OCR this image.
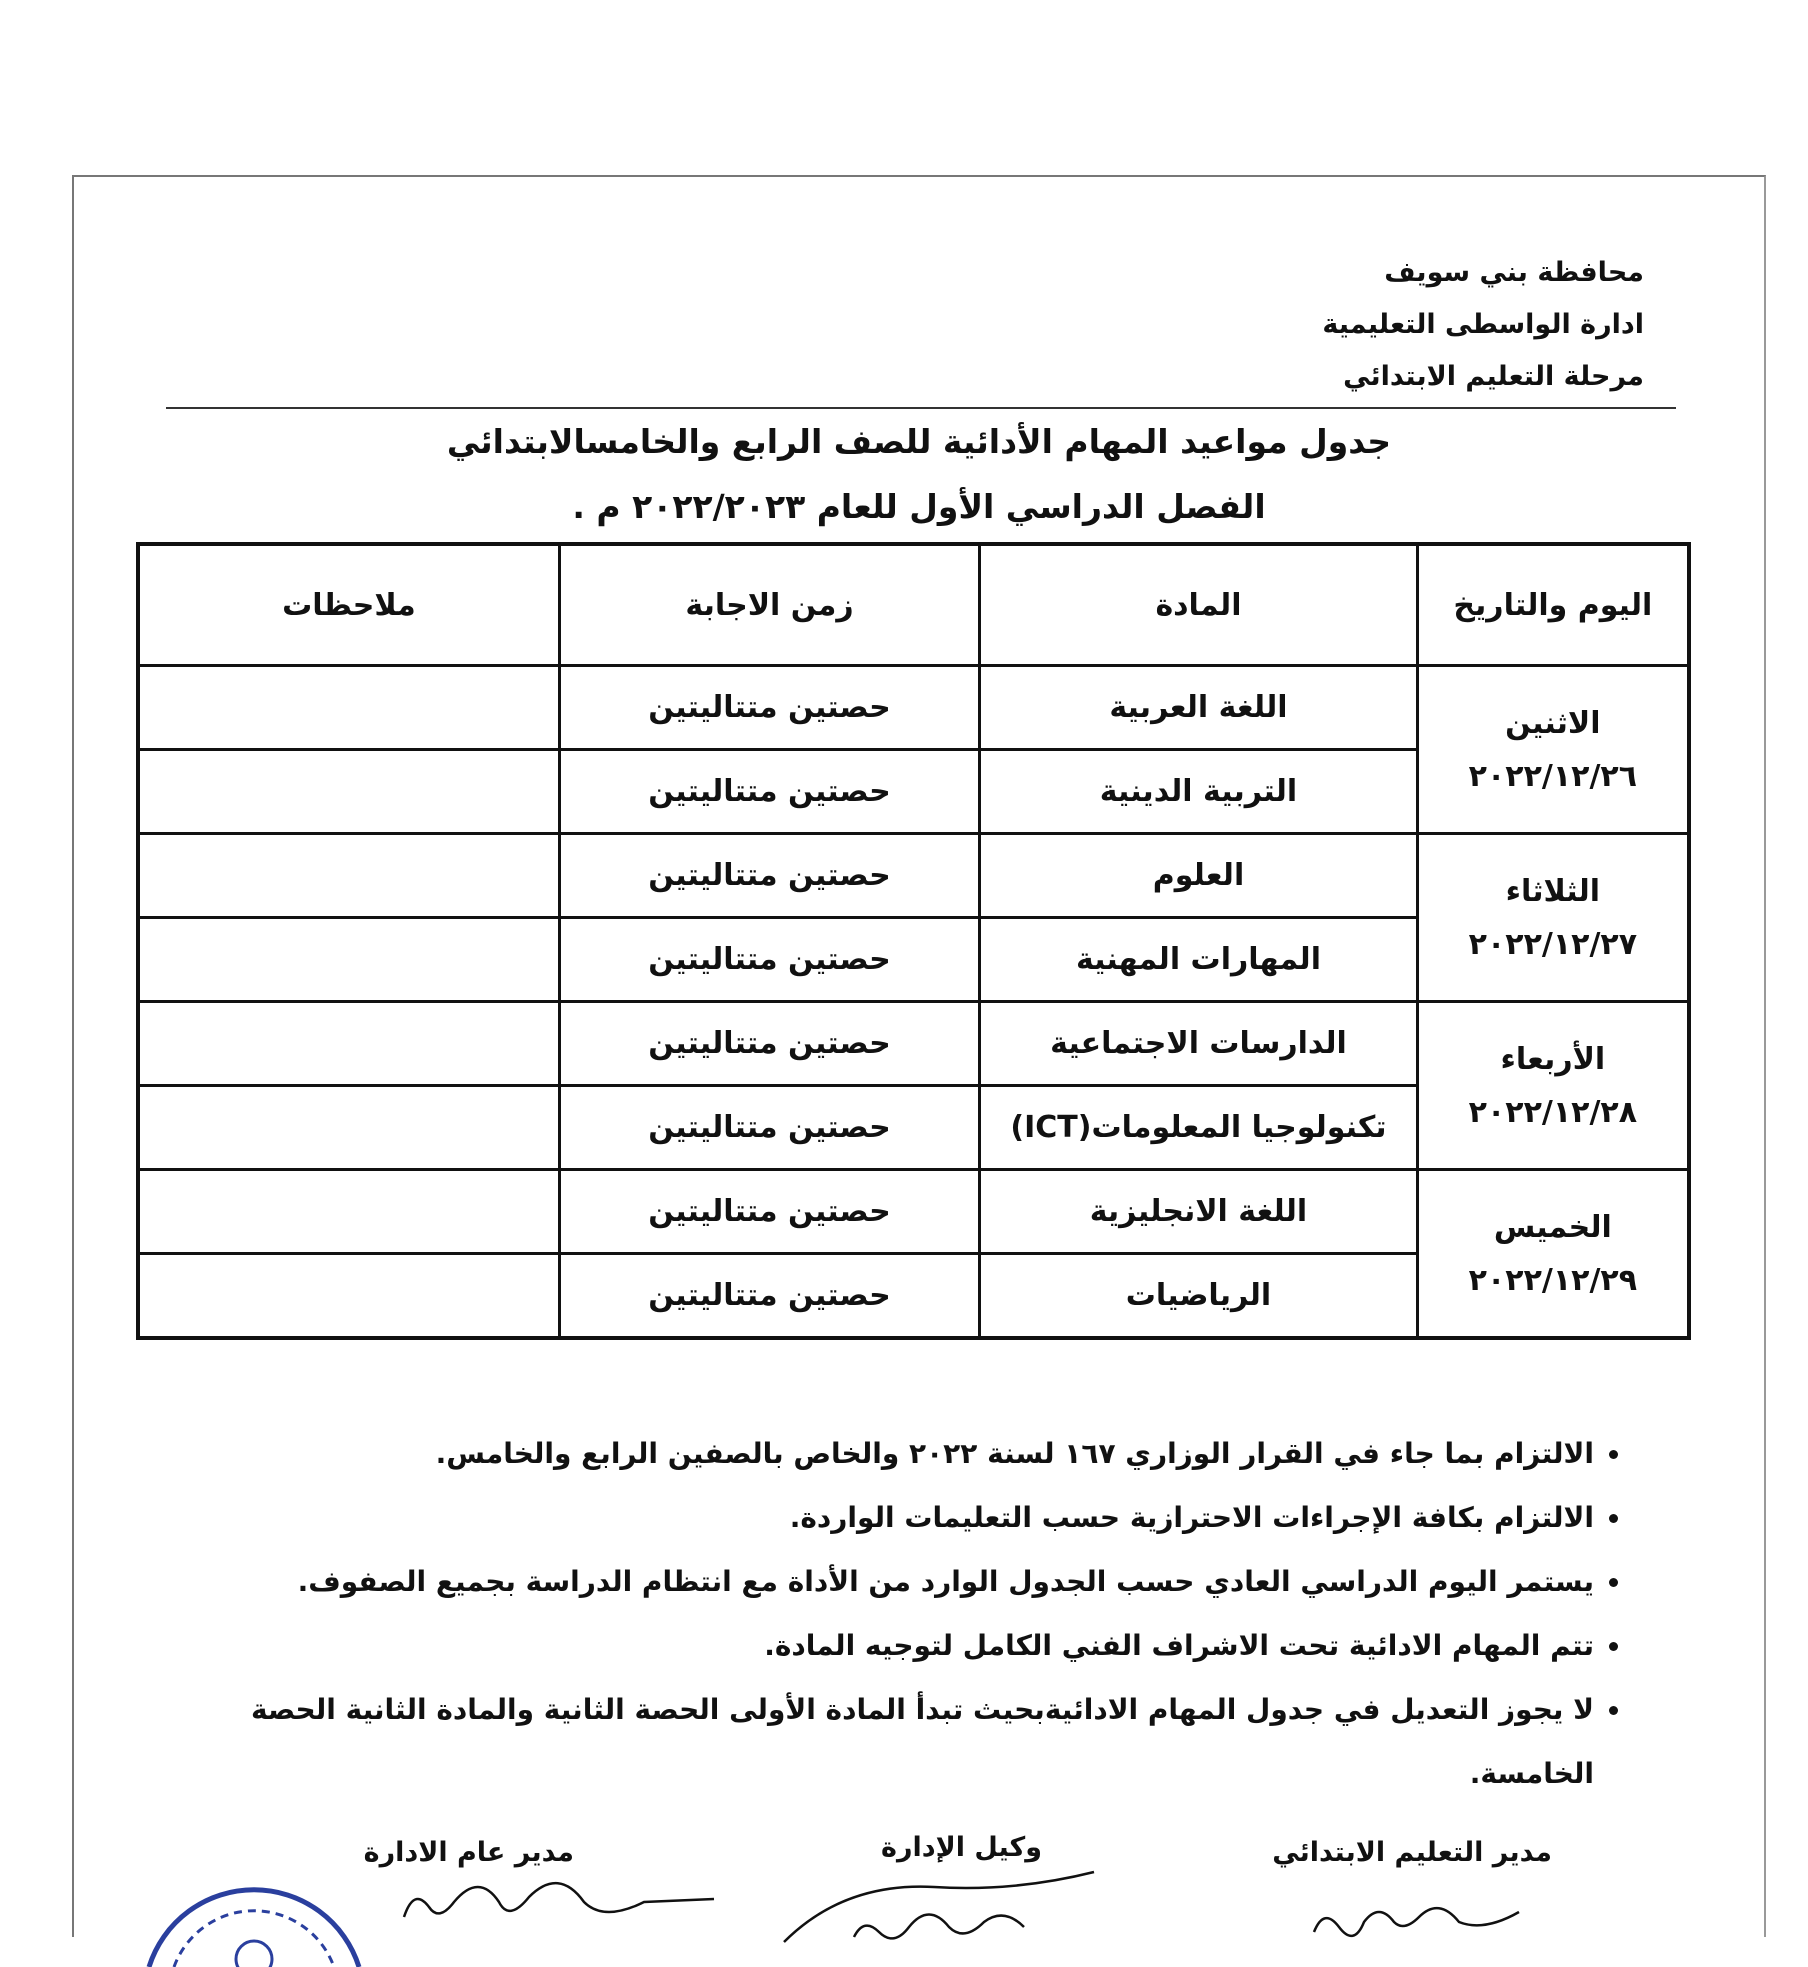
محافظة بني سويف
ادارة الواسطى التعليمية
مرحلة التعليم الابتدائي
جدول مواعيد المهام الأدائية للصف الرابع والخامسالابتدائي
الفصل الدراسي الأول للعام ٢٠٢٢/٢٠٢٣ م .
اليوم والتاريخ	المادة	زمن الاجابة	ملاحظات

الاثنين
٢٠٢٢/١٢/٢٦	اللغة العربية	حصتين متتاليتين	
	التربية الدينية	حصتين متتاليتين	

الثلاثاء
٢٠٢٢/١٢/٢٧	العلوم	حصتين متتاليتين	
	المهارات المهنية	حصتين متتاليتين	

الأربعاء
٢٠٢٢/١٢/٢٨	الدارسات الاجتماعية	حصتين متتاليتين	
	تكنولوجيا المعلومات(ICT)	حصتين متتاليتين	

الخميس
٢٠٢٢/١٢/٢٩	اللغة الانجليزية	حصتين متتاليتين	
	الرياضيات	حصتين متتاليتين	
• الالتزام بما جاء في القرار الوزاري ١٦٧ لسنة ٢٠٢٢ والخاص بالصفين الرابع والخامس.
• الالتزام بكافة الإجراءات الاحترازية حسب التعليمات الواردة.
• يستمر اليوم الدراسي العادي حسب الجدول الوارد من الأداة مع انتظام الدراسة بجميع الصفوف.
• تتم المهام الادائية تحت الاشراف الفني الكامل لتوجيه المادة.
• لا يجوز التعديل في جدول المهام الادائيةبحيث تبدأ المادة الأولى الحصة الثانية والمادة الثانية الحصة الخامسة.
مدير التعليم الابتدائي
وكيل الإدارة
مدير عام الادارة
